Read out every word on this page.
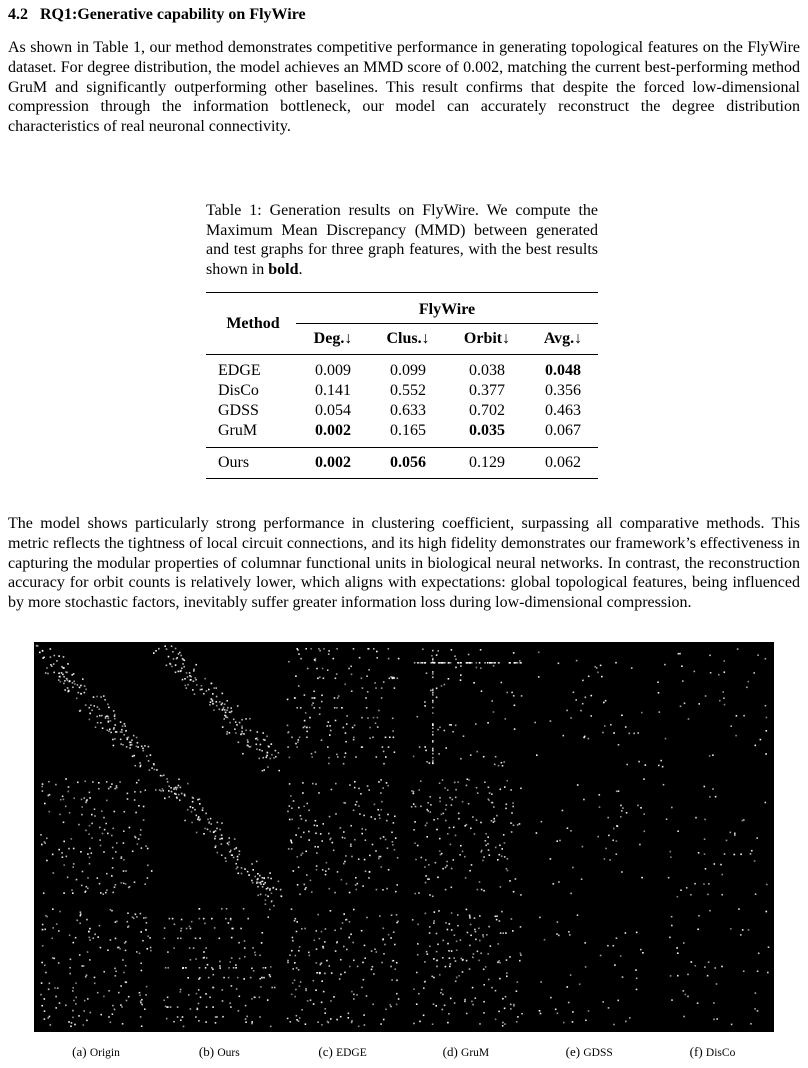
4.2 RQ1:Generative capability on FlyWire
As shown in Table 1, our method demonstrates competitive performance in generating topological features on the FlyWire dataset. For degree distribution, the model achieves an MMD score of 0.002, matching the current best-performing method GruM and significantly outperforming other baselines. This result confirms that despite the forced low-dimensional compression through the information bottleneck, our model can accurately reconstruct the degree distribution characteristics of real neuronal connectivity.
Table 1: Generation results on FlyWire. We compute the Maximum Mean Discrepancy (MMD) between generated and test graphs for three graph features, with the best results shown in bold.
Method	FlyWire			
	Deg.↓	Clus.↓	Orbit↓	Avg.↓
EDGE	0.009	0.099	0.038	0.048
DisCo	0.141	0.552	0.377	0.356
GDSS	0.054	0.633	0.702	0.463
GruM	0.002	0.165	0.035	0.067

Ours	0.002	0.056	0.129	0.062
The model shows particularly strong performance in clustering coefficient, surpassing all comparative methods. This metric reflects the tightness of local circuit connections, and its high fidelity demonstrates our framework’s effectiveness in capturing the modular properties of columnar functional units in biological neural networks. In contrast, the reconstruction accuracy for orbit counts is relatively lower, which aligns with expectations: global topological features, being influenced by more stochastic factors, inevitably suffer greater information loss during low-dimensional compression.
(a) Origin	(b) Ours	(c) EDGE	(d) GruM	(e) GDSS	(f) DisCo
